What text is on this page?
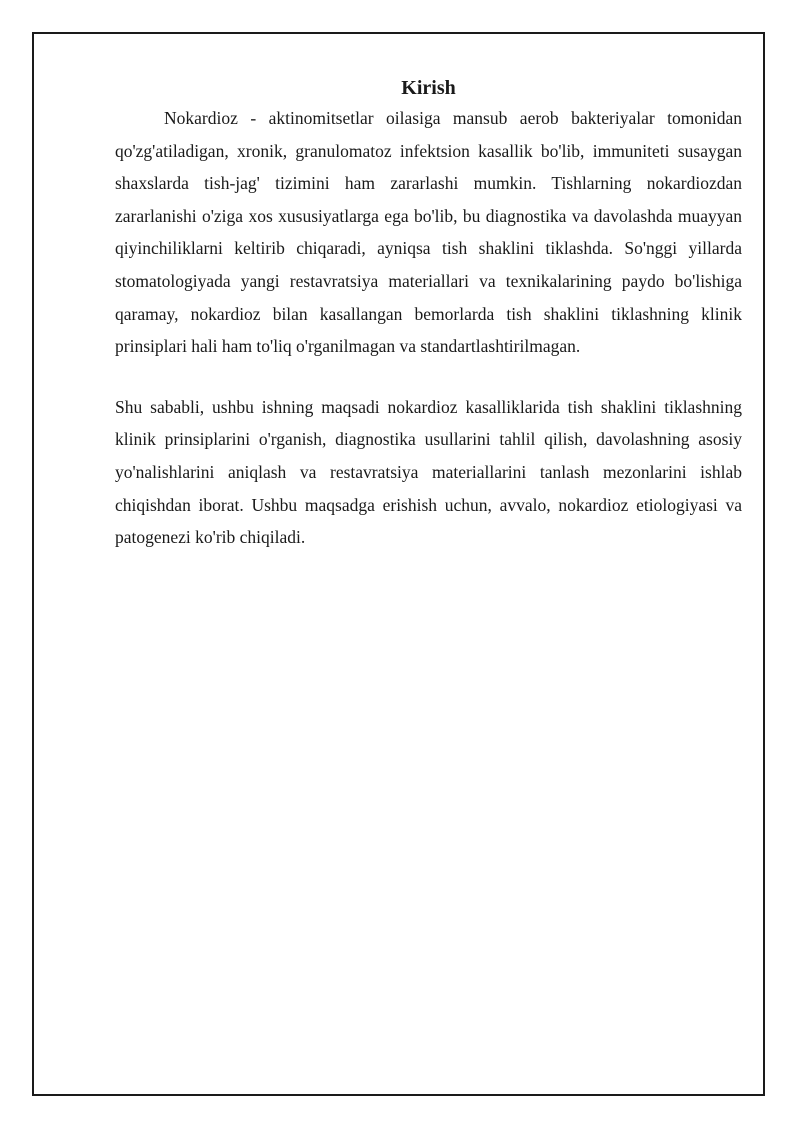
Kirish

Nokardioz - aktinomitsetlar oilasiga mansub aerob bakteriyalar tomonidan qo'zg'atiladigan, xronik, granulomatoz infektsion kasallik bo'lib, immuniteti susaygan shaxslarda tish-jag' tizimini ham zararlashi mumkin. Tishlarning nokardiozdan zararlanishi o'ziga xos xususiyatlarga ega bo'lib, bu diagnostika va davolashda muayyan qiyinchiliklarni keltirib chiqaradi, ayniqsa tish shaklini tiklashda. So'nggi yillarda stomatologiyada yangi restavratsiya materiallari va texnikalarining paydo bo'lishiga qaramay, nokardioz bilan kasallangan bemorlarda tish shaklini tiklashning klinik prinsiplari hali ham to'liq o'rganilmagan va standartlashtirilmagan.

Shu sababli, ushbu ishning maqsadi nokardioz kasalliklarida tish shaklini tiklashning klinik prinsiplarini o'rganish, diagnostika usullarini tahlil qilish, davolashning asosiy yo'nalishlarini aniqlash va restavratsiya materiallarini tanlash mezonlarini ishlab chiqishdan iborat. Ushbu maqsadga erishish uchun, avvalo, nokardioz etiologiyasi va patogenezi ko'rib chiqiladi.
